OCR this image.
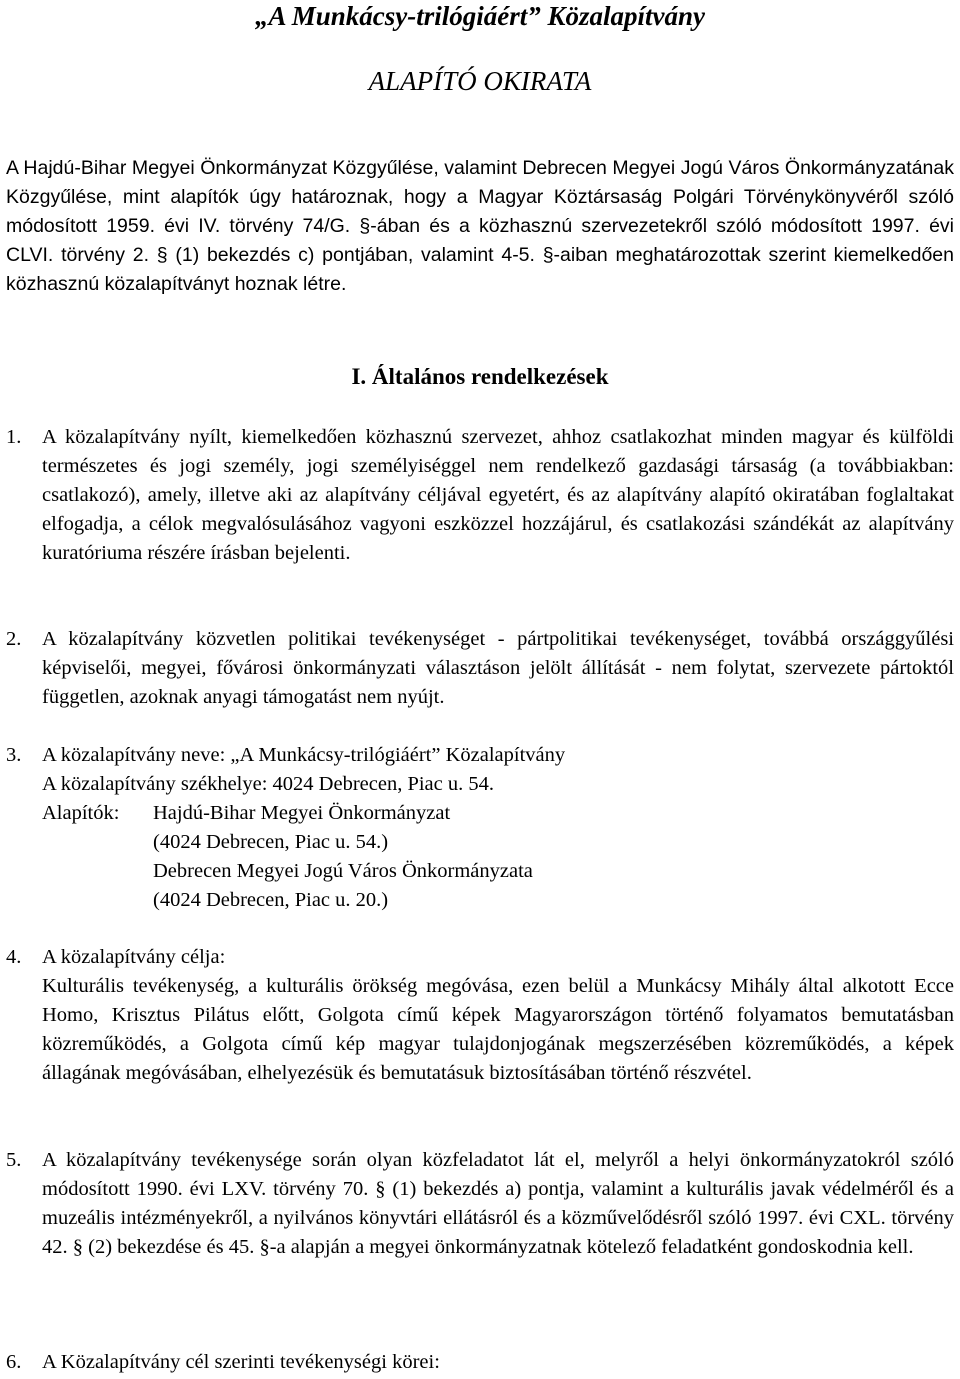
„A Munkácsy-trilógiáért” Közalapítvány
ALAPÍTÓ OKIRATA

A Hajdú-Bihar Megyei Önkormányzat Közgyűlése, valamint Debrecen Megyei Jogú Város Önkormányzatának Közgyűlése, mint alapítók úgy határoznak, hogy a Magyar Köztársaság Polgári Törvénykönyvéről szóló módosított 1959. évi IV. törvény 74/G. §-ában és a közhasznú szervezetekről szóló módosított 1997. évi CLVI. törvény 2. § (1) bekezdés c) pontjában, valamint 4-5. §-aiban meghatározottak szerint kiemelkedően közhasznú közalapítványt hoznak létre.

I. Általános rendelkezések
1.	A közalapítvány nyílt, kiemelkedően közhasznú szervezet, ahhoz csatlakozhat minden magyar és külföldi természetes és jogi személy, jogi személyiséggel nem rendelkező gazdasági társaság (a továbbiakban: csatlakozó), amely, illetve aki az alapítvány céljával egyetért, és az alapítvány alapító okiratában foglaltakat elfogadja, a célok megvalósulásához vagyoni eszközzel hozzájárul, és csatlakozási szándékát az alapítvány kuratóriuma részére írásban bejelenti.
2.	A közalapítvány közvetlen politikai tevékenységet - pártpolitikai tevékenységet, továbbá országgyűlési képviselői, megyei, fővárosi önkormányzati választáson jelölt állítását - nem folytat, szervezete pártoktól független, azoknak anyagi támogatást nem nyújt.
3.	A közalapítvány neve: „A Munkácsy-trilógiáért” Közalapítvány
A közalapítvány székhelye: 4024 Debrecen, Piac u. 54.
Alapítók: Hajdú-Bihar Megyei Önkormányzat
(4024 Debrecen, Piac u. 54.)
Debrecen Megyei Jogú Város Önkormányzata
(4024 Debrecen, Piac u. 20.)
4.	A közalapítvány célja:
Kulturális tevékenység, a kulturális örökség megóvása, ezen belül a Munkácsy Mihály által alkotott Ecce Homo, Krisztus Pilátus előtt, Golgota című képek Magyarországon történő folyamatos bemutatásban közreműködés, a Golgota című kép magyar tulajdonjogának megszerzésében közreműködés, a képek állagának megóvásában, elhelyezésük és bemutatásuk biztosításában történő részvétel.
5.	A közalapítvány tevékenysége során olyan közfeladatot lát el, melyről a helyi önkormányzatokról szóló módosított 1990. évi LXV. törvény 70. § (1) bekezdés a) pontja, valamint a kulturális javak védelméről és a muzeális intézményekről, a nyilvános könyvtári ellátásról és a közművelődésről szóló 1997. évi CXL. törvény 42. § (2) bekezdése és 45. §-a alapján a megyei önkormányzatnak kötelező feladatként gondoskodnia kell.
6.	A Közalapítvány cél szerinti tevékenységi körei:
